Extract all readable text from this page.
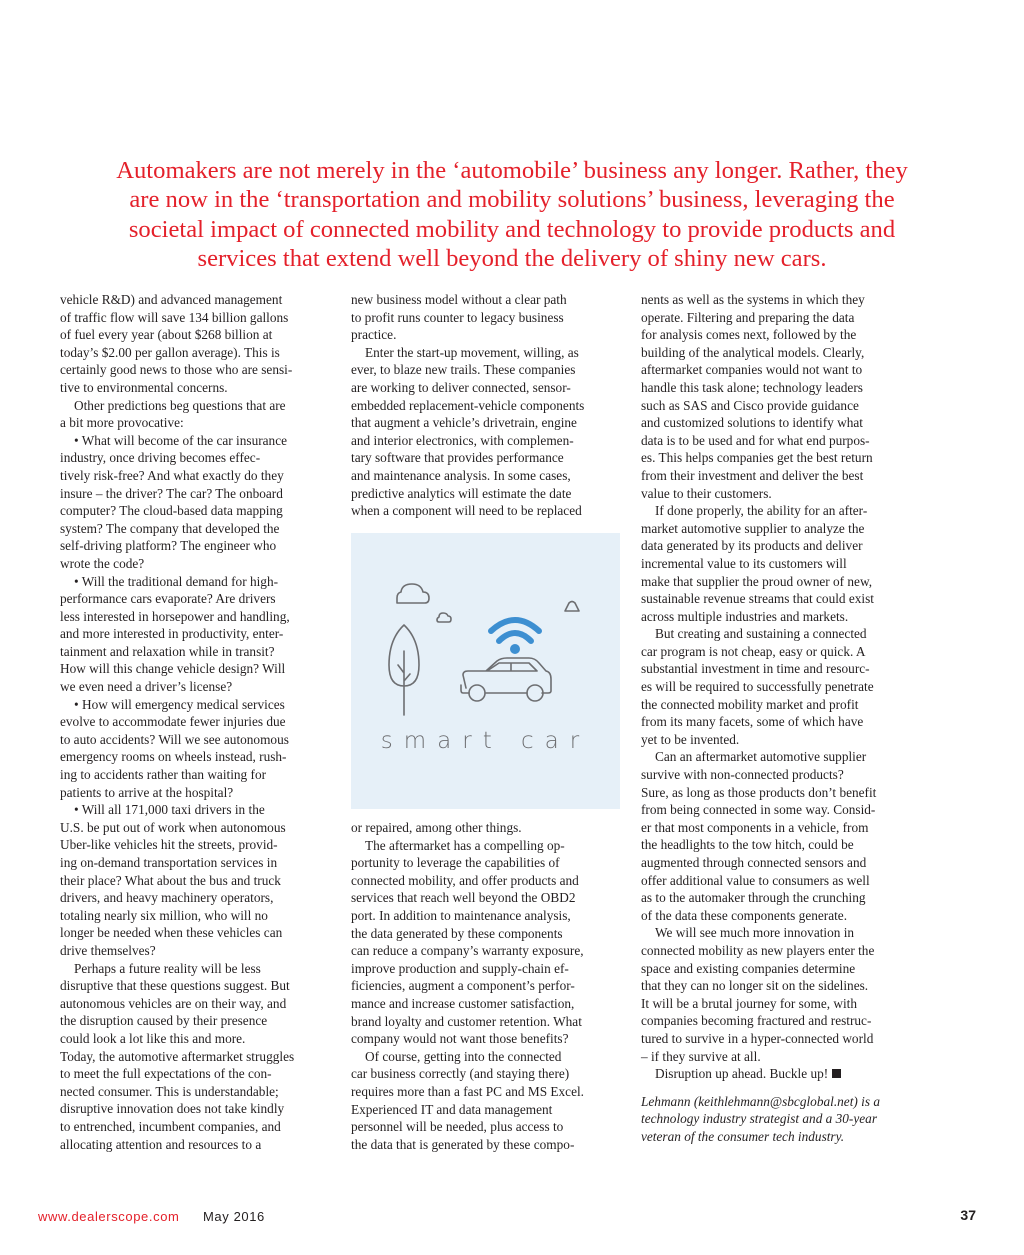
Automakers are not merely in the ‘automobile’ business any longer. Rather, they
are now in the ‘transportation and mobility solutions’ business, leveraging the
societal impact of connected mobility and technology to provide products and
services that extend well beyond the delivery of shiny new cars.
vehicle R&D) and advanced management
of traffic flow will save 134 billion gallons
of fuel every year (about $268 billion at
today’s $2.00 per gallon average). This is
certainly good news to those who are sensi-
tive to environmental concerns.
Other predictions beg questions that are
a bit more provocative:
• What will become of the car insurance
industry, once driving becomes effec-
tively risk-free? And what exactly do they
insure – the driver? The car? The onboard
computer? The cloud-based data mapping
system? The company that developed the
self-driving platform? The engineer who
wrote the code?
• Will the traditional demand for high-
performance cars evaporate? Are drivers
less interested in horsepower and handling,
and more interested in productivity, enter-
tainment and relaxation while in transit?
How will this change vehicle design? Will
we even need a driver’s license?
• How will emergency medical services
evolve to accommodate fewer injuries due
to auto accidents? Will we see autonomous
emergency rooms on wheels instead, rush-
ing to accidents rather than waiting for
patients to arrive at the hospital?
• Will all 171,000 taxi drivers in the
U.S. be put out of work when autonomous
Uber-like vehicles hit the streets, provid-
ing on-demand transportation services in
their place? What about the bus and truck
drivers, and heavy machinery operators,
totaling nearly six million, who will no
longer be needed when these vehicles can
drive themselves?
Perhaps a future reality will be less
disruptive that these questions suggest. But
autonomous vehicles are on their way, and
the disruption caused by their presence
could look a lot like this and more.
Today, the automotive aftermarket struggles
to meet the full expectations of the con-
nected consumer. This is understandable;
disruptive innovation does not take kindly
to entrenched, incumbent companies, and
allocating attention and resources to a
new business model without a clear path
to profit runs counter to legacy business
practice.
Enter the start-up movement, willing, as
ever, to blaze new trails. These companies
are working to deliver connected, sensor-
embedded replacement-vehicle components
that augment a vehicle’s drivetrain, engine
and interior electronics, with complemen-
tary software that provides performance
and maintenance analysis. In some cases,
predictive analytics will estimate the date
when a component will need to be replaced
smart car
or repaired, among other things.
The aftermarket has a compelling op-
portunity to leverage the capabilities of
connected mobility, and offer products and
services that reach well beyond the OBD2
port. In addition to maintenance analysis,
the data generated by these components
can reduce a company’s warranty exposure,
improve production and supply-chain ef-
ficiencies, augment a component’s perfor-
mance and increase customer satisfaction,
brand loyalty and customer retention. What
company would not want those benefits?
Of course, getting into the connected
car business correctly (and staying there)
requires more than a fast PC and MS Excel.
Experienced IT and data management
personnel will be needed, plus access to
the data that is generated by these compo-
nents as well as the systems in which they
operate. Filtering and preparing the data
for analysis comes next, followed by the
building of the analytical models. Clearly,
aftermarket companies would not want to
handle this task alone; technology leaders
such as SAS and Cisco provide guidance
and customized solutions to identify what
data is to be used and for what end purpos-
es. This helps companies get the best return
from their investment and deliver the best
value to their customers.
If done properly, the ability for an after-
market automotive supplier to analyze the
data generated by its products and deliver
incremental value to its customers will
make that supplier the proud owner of new,
sustainable revenue streams that could exist
across multiple industries and markets.
But creating and sustaining a connected
car program is not cheap, easy or quick. A
substantial investment in time and resourc-
es will be required to successfully penetrate
the connected mobility market and profit
from its many facets, some of which have
yet to be invented.
Can an aftermarket automotive supplier
survive with non-connected products?
Sure, as long as those products don’t benefit
from being connected in some way. Consid-
er that most components in a vehicle, from
the headlights to the tow hitch, could be
augmented through connected sensors and
offer additional value to consumers as well
as to the automaker through the crunching
of the data these components generate.
We will see much more innovation in
connected mobility as new players enter the
space and existing companies determine
that they can no longer sit on the sidelines.
It will be a brutal journey for some, with
companies becoming fractured and restruc-
tured to survive in a hyper-connected world
– if they survive at all.
Disruption up ahead. Buckle up!
Lehmann (keithlehmann@sbcglobal.net) is a
technology industry strategist and a 30-year
veteran of the consumer tech industry.
www.dealerscope.com May 2016	37
